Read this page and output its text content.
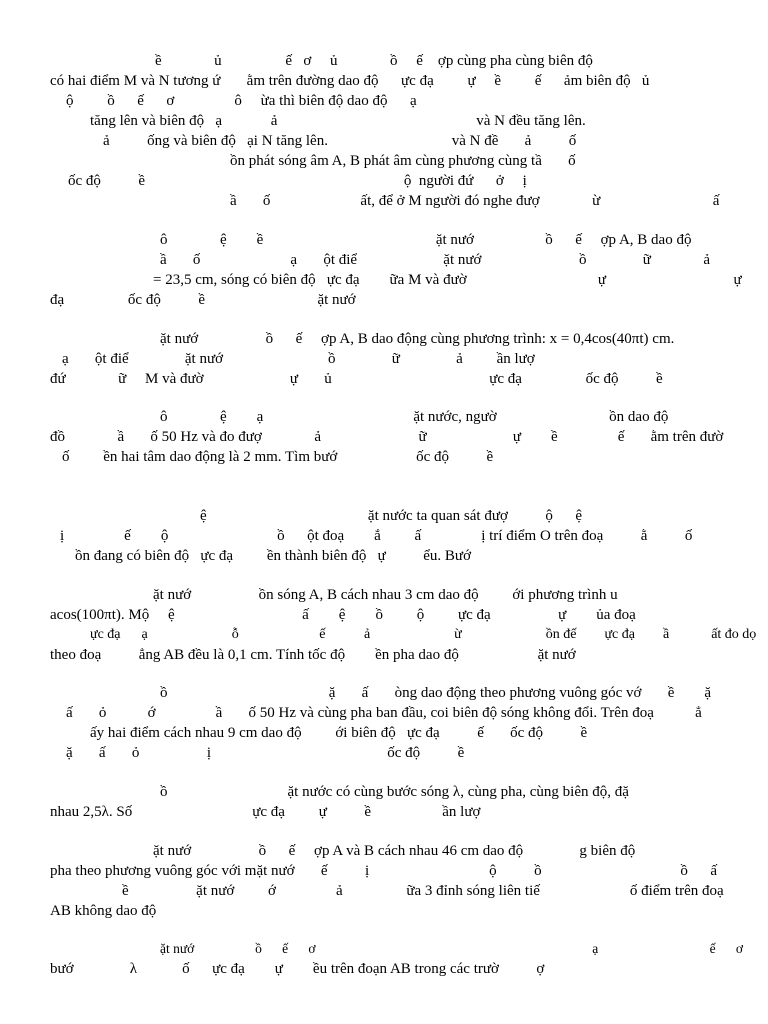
ề              ủ                 ế   ơ     ủ              ồ     ế    ợp cùng pha cùng biên độ
có hai điểm M và N tương ứ       ằm trên đường dao độ      ực đạ         ự     ề         ế      ảm biên độ   ủ
ộ         ồ      ế      ơ                ô     ừa thì biên độ dao độ      ạ
tăng lên và biên độ   ạ             ả                                                     và N đều tăng lên.
ả          ống và biên độ   ại N tăng lên.                                 và N đề       ả          ố
ồn phát sóng âm A, B phát âm cùng phương cùng tầ       ố
ốc độ          ề                                                                     ộ  người đứ      ở     ị
ầ       ố                        ất, để ở M người đó nghe đượ              ừ                              ấ
ô              ệ        ề                                              ặt nướ                   ồ      ế     ợp A, B dao độ
ầ       ố                        ạ       ột điể                       ặt nướ                          ồ               ữ              ả
= 23,5 cm, sóng có biên độ   ực đạ        ữa M và đườ                                   ự                                  ự
đạ                 ốc độ          ề                              ặt nướ
ặt nướ                  ồ      ế     ợp A, B dao động cùng phương trình: x = 0,4cos(40πt) cm.
ạ       ột điể               ặt nướ                            ồ               ữ               ả         ần lượ
đứ              ữ     M và đườ                       ự       ủ                                          ực đạ                 ốc độ          ề
ô              ệ        ạ                                        ặt nước, ngườ                              ồn dao độ
đồ              ầ       ố 50 Hz và đo đượ              ả                          ữ                       ự        ề                ế       ằm trên đườ
ố         ền hai tâm dao động là 2 mm. Tìm bướ                     ốc độ          ề
ệ                                           ặt nước ta quan sát đượ          ộ      ệ
ị                ế        ộ                             ồ      ột đoạ        ắ         ấ                ị trí điểm O trên đoạ          ằ          ố
ồn đang có biên độ   ực đạ         ền thành biên độ   ự          ểu. Bướ
ặt nướ                  ồn sóng A, B cách nhau 3 cm dao độ         ới phương trình u
acos(100πt). Mộ     ệ                                  ấ        ệ        ồ         ộ         ực đạ                  ự        ủa đoạ
ực đạ      ạ                        ỗ                       ế           ả                        ừ                        ồn đế        ực đạ        ầ            ất đo dọ
theo đoạ          ẳng AB đều là 0,1 cm. Tính tốc độ        ền pha dao độ                     ặt nướ
ồ                                           ặ       ấ       òng dao động theo phương vuông góc vớ       ề        ặ
ấ       ỏ           ớ                ầ       ố 50 Hz và cùng pha ban đầu, coi biên độ sóng không đổi. Trên đoạ           ẳ
ấy hai điểm cách nhau 9 cm dao độ         ới biên độ   ực đạ          ế       ốc độ          ề
ặ       ấ       ỏ                  ị                                               ốc độ          ề
ồ                                ặt nước có cùng bước sóng λ, cùng pha, cùng biên độ, đặ
nhau 2,5λ. Số                                ực đạ         ự          ề                   ần lượ
ặt nướ                  ồ      ế     ợp A và B cách nhau 46 cm dao độ               g biên độ
pha theo phương vuông góc với mặt nướ       ế          ị                                ộ          ồ                                     ồ      ấ
ề                  ặt nướ         ớ                ả                 ữa 3 đỉnh sóng liên tiế                        ố điểm trên đoạ
AB không dao độ
ặt nướ                  ồ      ế      ơ                                                                                  ạ                                 ế      ơ
bướ               λ            ố      ực đạ        ự        ều trên đoạn AB trong các trườ          ợ
